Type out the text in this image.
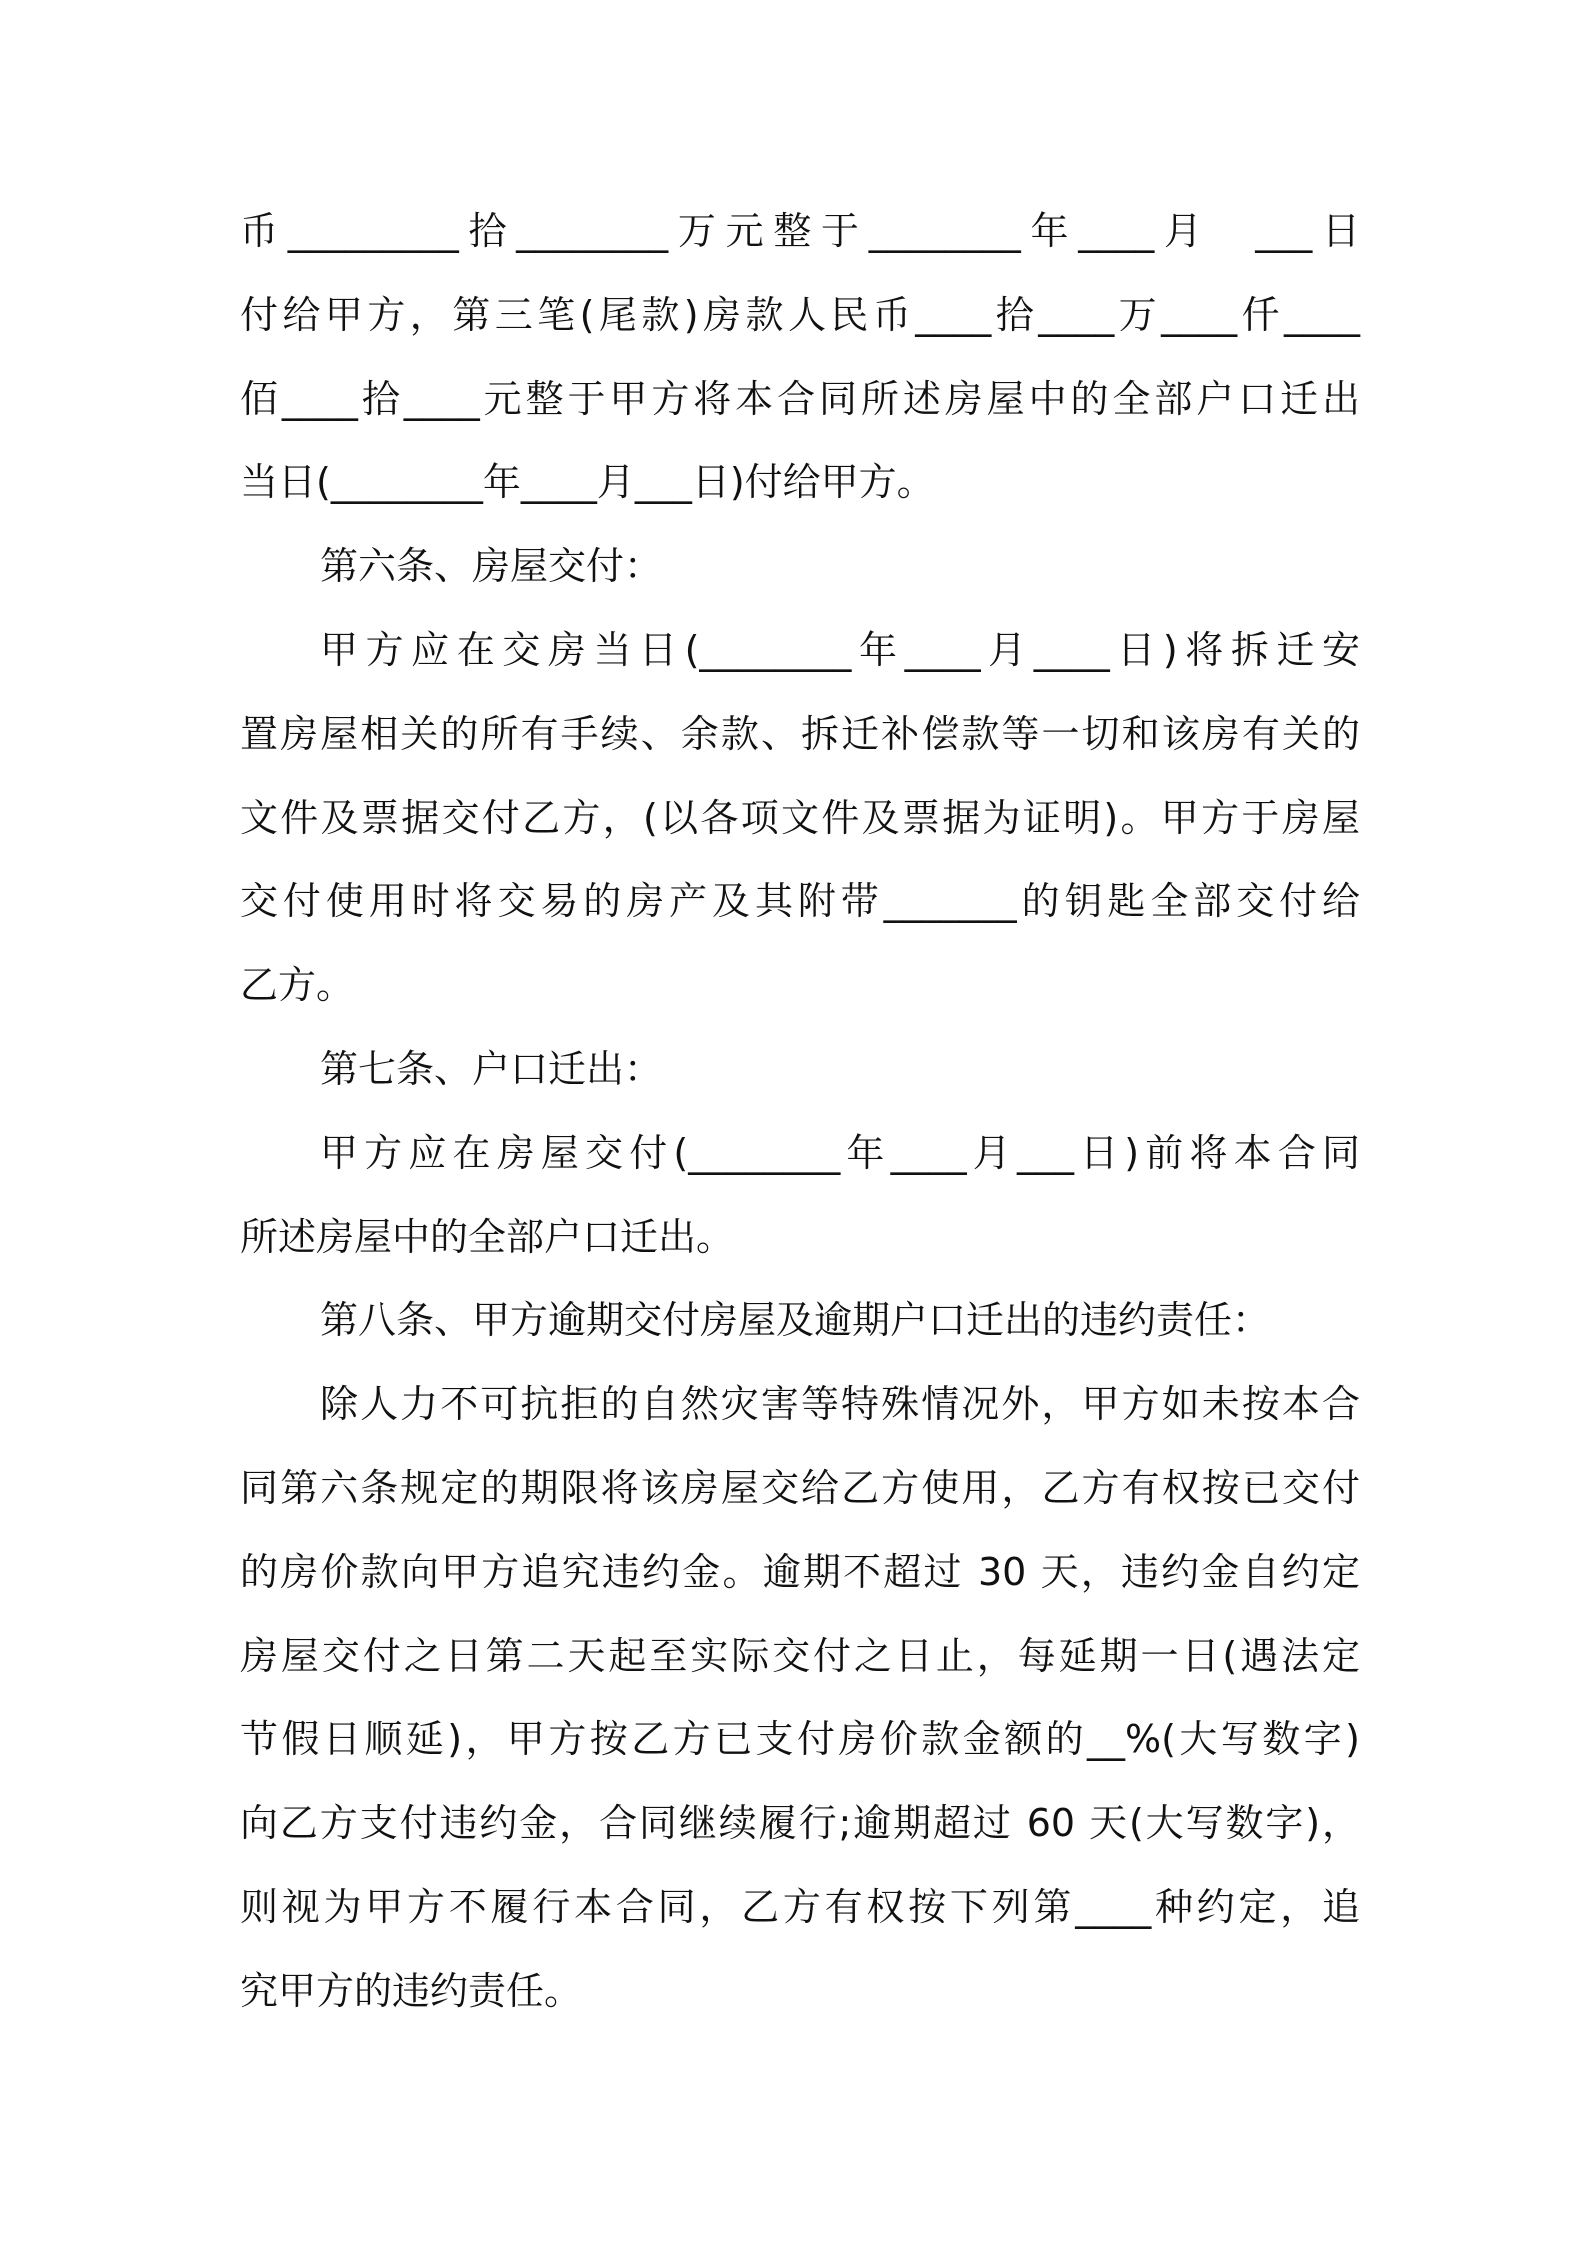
币_________拾________万元整于________年____月  ___日
付给甲方，第三笔(尾款)房款人民币____拾____万____仟____
佰____拾____元整于甲方将本合同所述房屋中的全部户口迁出
当日(________年____月___日)付给甲方。
第六条、房屋交付：
甲方应在交房当日(________年____月____日)将拆迁安
置房屋相关的所有手续、余款、拆迁补偿款等一切和该房有关的
文件及票据交付乙方，(以各项文件及票据为证明)。甲方于房屋
交付使用时将交易的房产及其附带_______的钥匙全部交付给
乙方。
第七条、户口迁出：
甲方应在房屋交付(________年____月___日)前将本合同
所述房屋中的全部户口迁出。
第八条、甲方逾期交付房屋及逾期户口迁出的违约责任：
除人力不可抗拒的自然灾害等特殊情况外，甲方如未按本合
同第六条规定的期限将该房屋交给乙方使用，乙方有权按已交付
的房价款向甲方追究违约金。逾期不超过 30 天，违约金自约定
房屋交付之日第二天起至实际交付之日止，每延期一日(遇法定
节假日顺延)，甲方按乙方已支付房价款金额的__%(大写数字)
向乙方支付违约金，合同继续履行;逾期超过 60 天(大写数字)，
则视为甲方不履行本合同，乙方有权按下列第____种约定，追
究甲方的违约责任。
